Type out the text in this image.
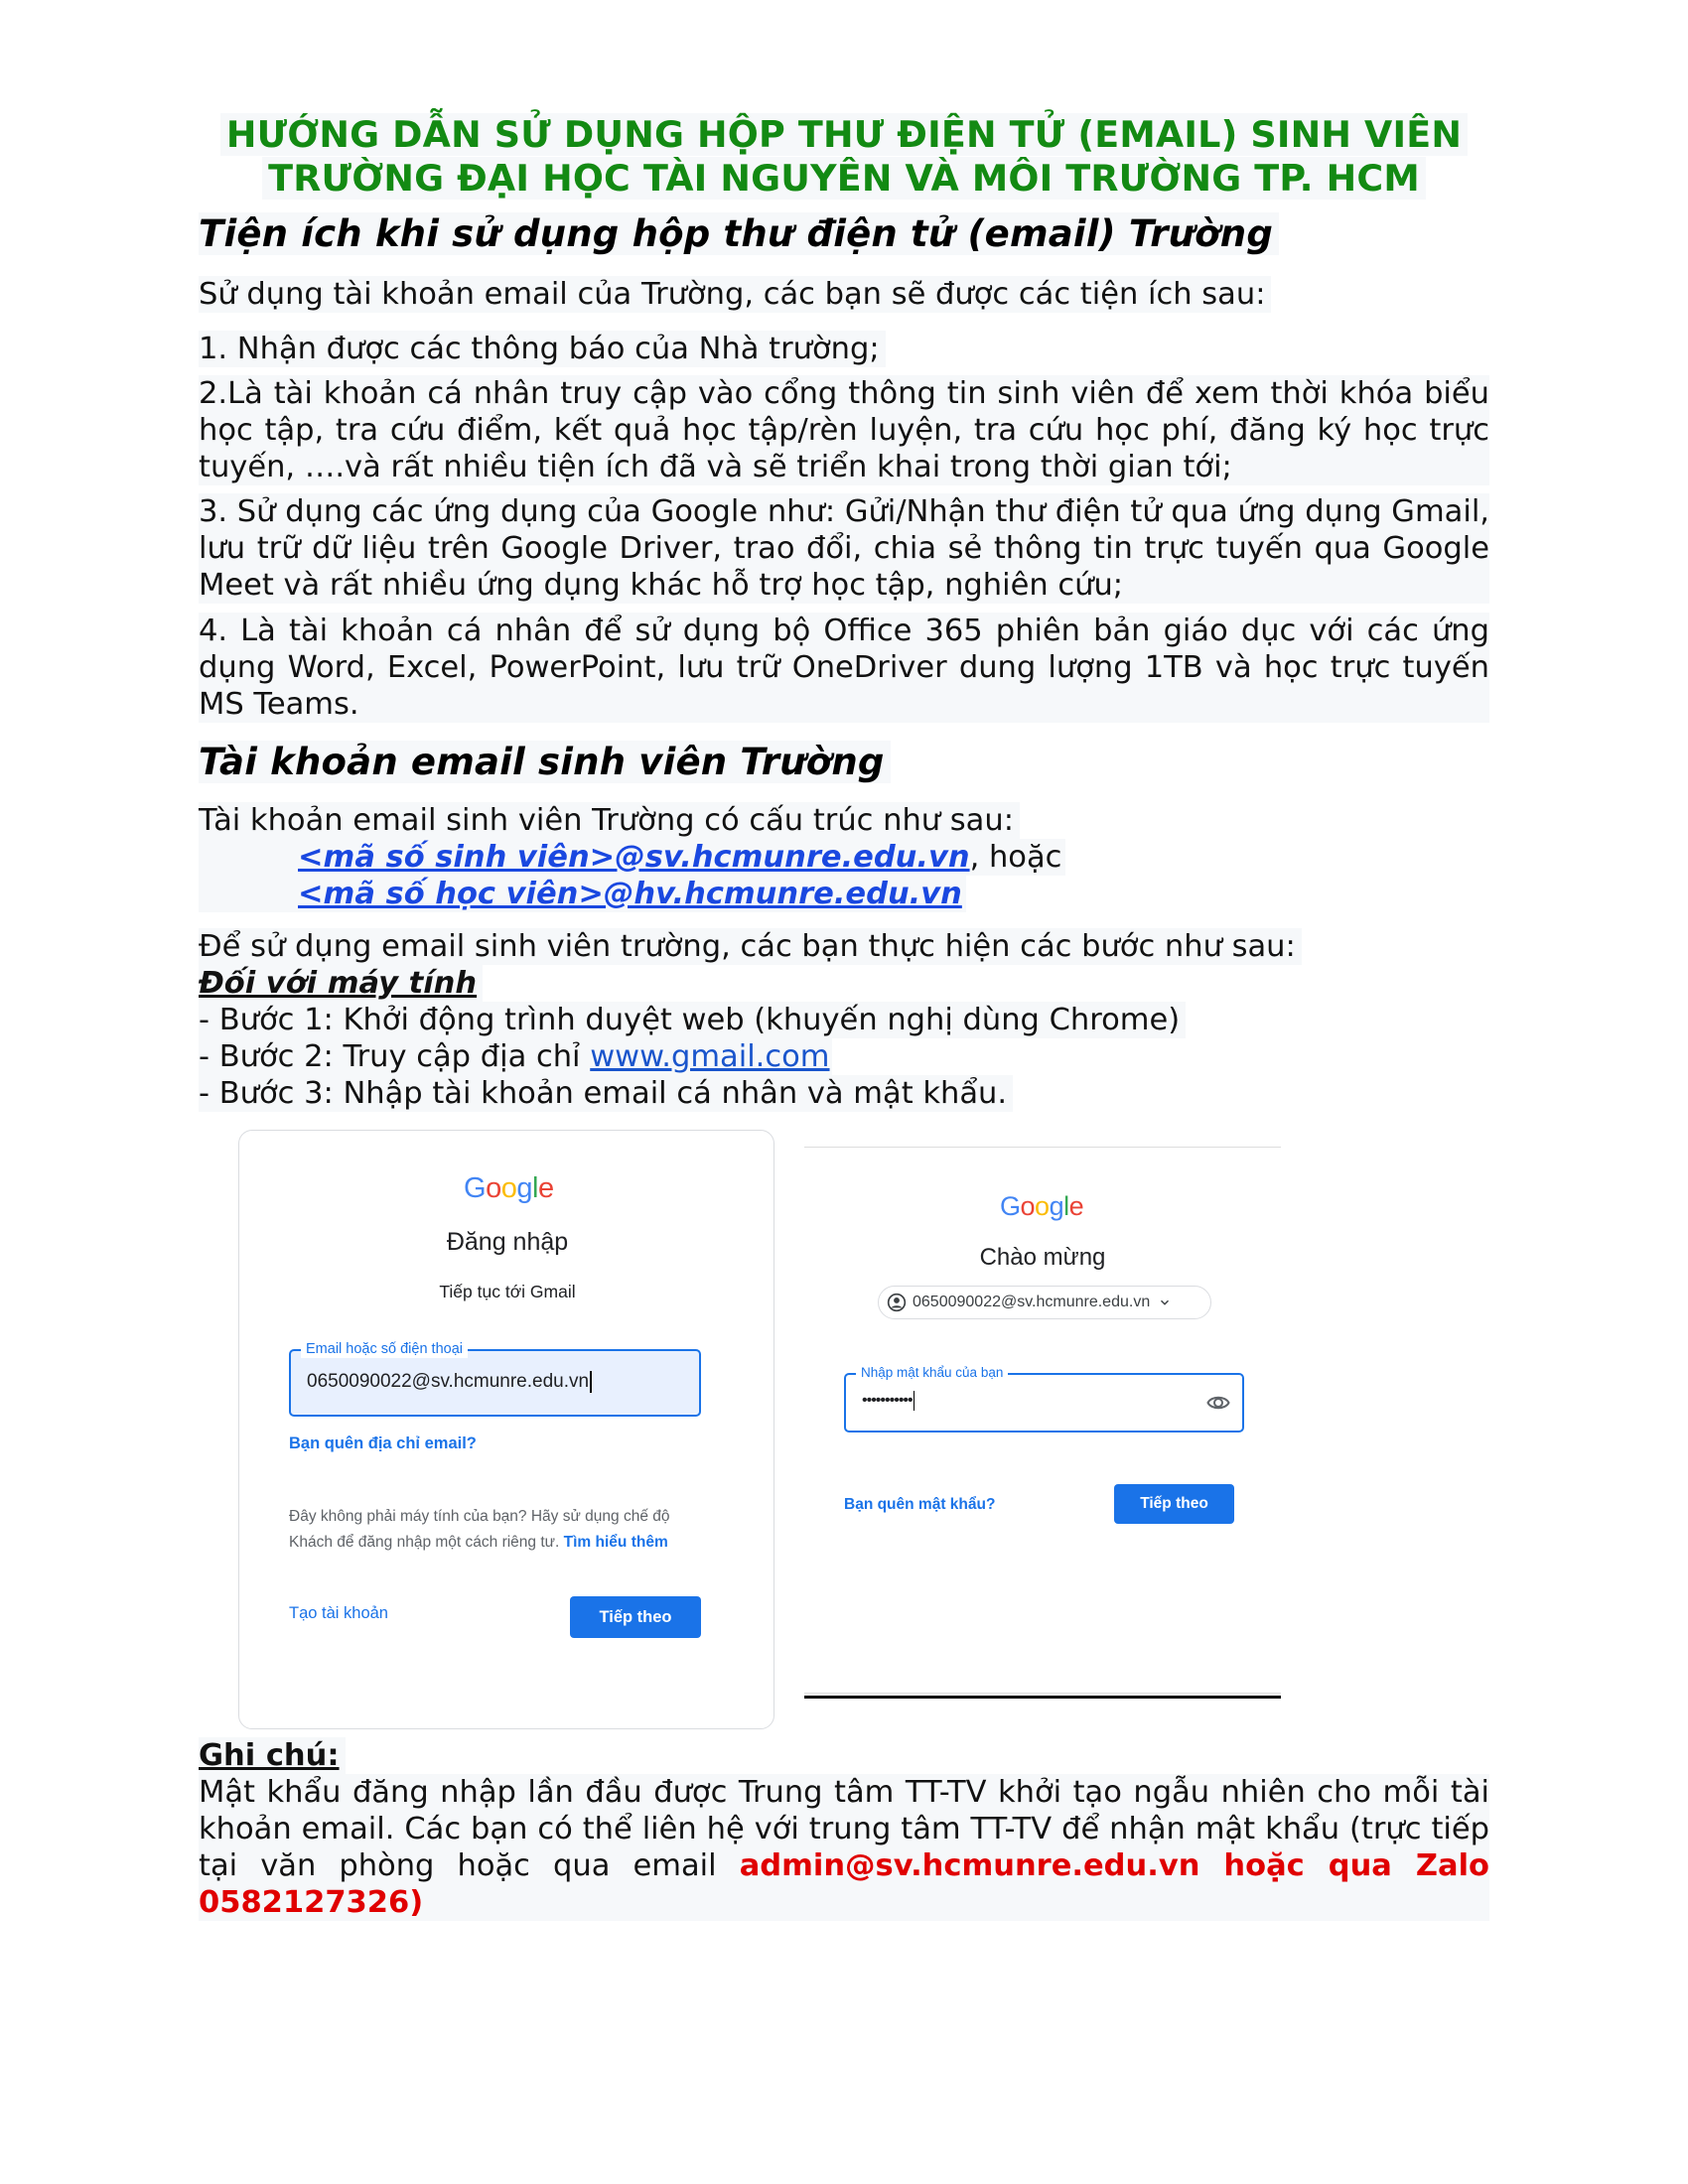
HƯỚNG DẪN SỬ DỤNG HỘP THƯ ĐIỆN TỬ (EMAIL) SINH VIÊN
TRƯỜNG ĐẠI HỌC TÀI NGUYÊN VÀ MÔI TRƯỜNG TP. HCM
Tiện ích khi sử dụng hộp thư điện tử (email) Trường
Sử dụng tài khoản email của Trường, các bạn sẽ được các tiện ích sau:
1. Nhận được các thông báo của Nhà trường;
2.Là tài khoản cá nhân truy cập vào cổng thông tin sinh viên để xem thời khóa biểu học tập, tra cứu điểm, kết quả học tập/rèn luyện, tra cứu học phí, đăng ký học trực tuyến, ….và rất nhiều tiện ích đã và sẽ triển khai trong thời gian tới;
3. Sử dụng các ứng dụng của Google như: Gửi/Nhận thư điện tử qua ứng dụng Gmail, lưu trữ dữ liệu trên Google Driver, trao đổi, chia sẻ thông tin trực tuyến qua Google Meet và rất nhiều ứng dụng khác hỗ trợ học tập, nghiên cứu;
4. Là tài khoản cá nhân để sử dụng bộ Office 365 phiên bản giáo dục với các ứng dụng Word, Excel, PowerPoint, lưu trữ OneDriver dung lượng 1TB và học trực tuyến MS Teams.
Tài khoản email sinh viên Trường
Tài khoản email sinh viên Trường có cấu trúc như sau:
<mã số sinh viên>@sv.hcmunre.edu.vn, hoặc
<mã số học viên>@hv.hcmunre.edu.vn
Để sử dụng email sinh viên trường, các bạn thực hiện các bước như sau:
Đối với máy tính
- Bước 1: Khởi động trình duyệt web (khuyến nghị dùng Chrome)
- Bước 2: Truy cập địa chỉ www.gmail.com
- Bước 3: Nhập tài khoản email cá nhân và mật khẩu.
Google
Đăng nhập
Tiếp tục tới Gmail
Email hoặc số điện thoại
0650090022@sv.hcmunre.edu.vn
Bạn quên địa chỉ email?
Đây không phải máy tính của bạn? Hãy sử dụng chế độ Khách để đăng nhập một cách riêng tư. Tìm hiểu thêm
Tạo tài khoản	Tiếp theo
Google
Chào mừng
0650090022@sv.hcmunre.edu.vn
Nhập mật khẩu của bạn
•••••••••••
Bạn quên mật khẩu?	Tiếp theo
Ghi chú:
Mật khẩu đăng nhập lần đầu được Trung tâm TT-TV khởi tạo ngẫu nhiên cho mỗi tài khoản email. Các bạn có thể liên hệ với trung tâm TT-TV để nhận mật khẩu (trực tiếp tại văn phòng hoặc qua email admin@sv.hcmunre.edu.vn hoặc qua Zalo 0582127326)
